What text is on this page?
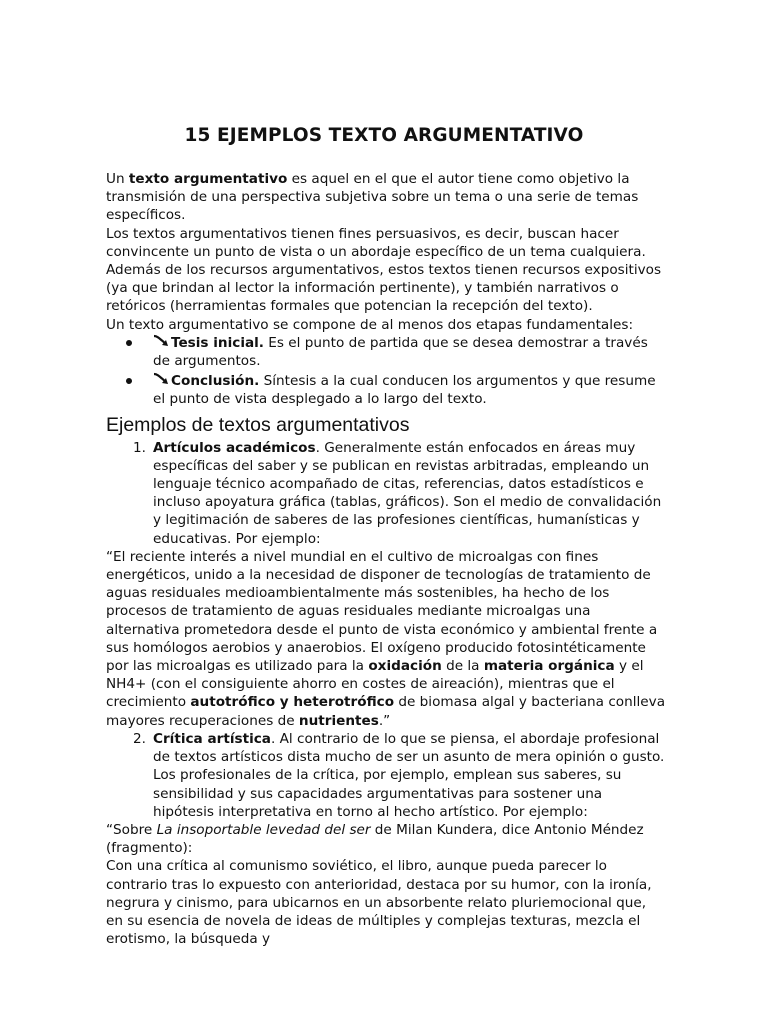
15 EJEMPLOS TEXTO ARGUMENTATIVO

Un texto argumentativo es aquel en el que el autor tiene como objetivo la transmisión de una perspectiva subjetiva sobre un tema o una serie de temas específicos.

Los textos argumentativos tienen fines persuasivos, es decir, buscan hacer convincente un punto de vista o un abordaje específico de un tema cualquiera.

Además de los recursos argumentativos, estos textos tienen recursos expositivos (ya que brindan al lector la información pertinente), y también narrativos o retóricos (herramientas formales que potencian la recepción del texto).

Un texto argumentativo se compone de al menos dos etapas fundamentales:

Tesis inicial. Es el punto de partida que se desea demostrar a través de argumentos.
Conclusión. Síntesis a la cual conducen los argumentos y que resume el punto de vista desplegado a lo largo del texto.
Ejemplos de textos argumentativos
1. Artículos académicos. Generalmente están enfocados en áreas muy específicas del saber y se publican en revistas arbitradas, empleando un lenguaje técnico acompañado de citas, referencias, datos estadísticos e incluso apoyatura gráfica (tablas, gráficos). Son el medio de convalidación y legitimación de saberes de las profesiones científicas, humanísticas y educativas. Por ejemplo:

“El reciente interés a nivel mundial en el cultivo de microalgas con fines energéticos, unido a la necesidad de disponer de tecnologías de tratamiento de aguas residuales medioambientalmente más sostenibles, ha hecho de los procesos de tratamiento de aguas residuales mediante microalgas una alternativa prometedora desde el punto de vista económico y ambiental frente a sus homólogos aerobios y anaerobios. El oxígeno producido fotosintéticamente por las microalgas es utilizado para la oxidación de la materia orgánica y el NH4+ (con el consiguiente ahorro en costes de aireación), mientras que el crecimiento autotrófico y heterotrófico de biomasa algal y bacteriana conlleva mayores recuperaciones de nutrientes.”

2. Crítica artística. Al contrario de lo que se piensa, el abordaje profesional de textos artísticos dista mucho de ser un asunto de mera opinión o gusto. Los profesionales de la crítica, por ejemplo, emplean sus saberes, su sensibilidad y sus capacidades argumentativas para sostener una hipótesis interpretativa en torno al hecho artístico. Por ejemplo:

“Sobre La insoportable levedad del ser de Milan Kundera, dice Antonio Méndez (fragmento):

Con una crítica al comunismo soviético, el libro, aunque pueda parecer lo contrario tras lo expuesto con anterioridad, destaca por su humor, con la ironía, negrura y cinismo, para ubicarnos en un absorbente relato pluriemocional que, en su esencia de novela de ideas de múltiples y complejas texturas, mezcla el erotismo, la búsqueda y
